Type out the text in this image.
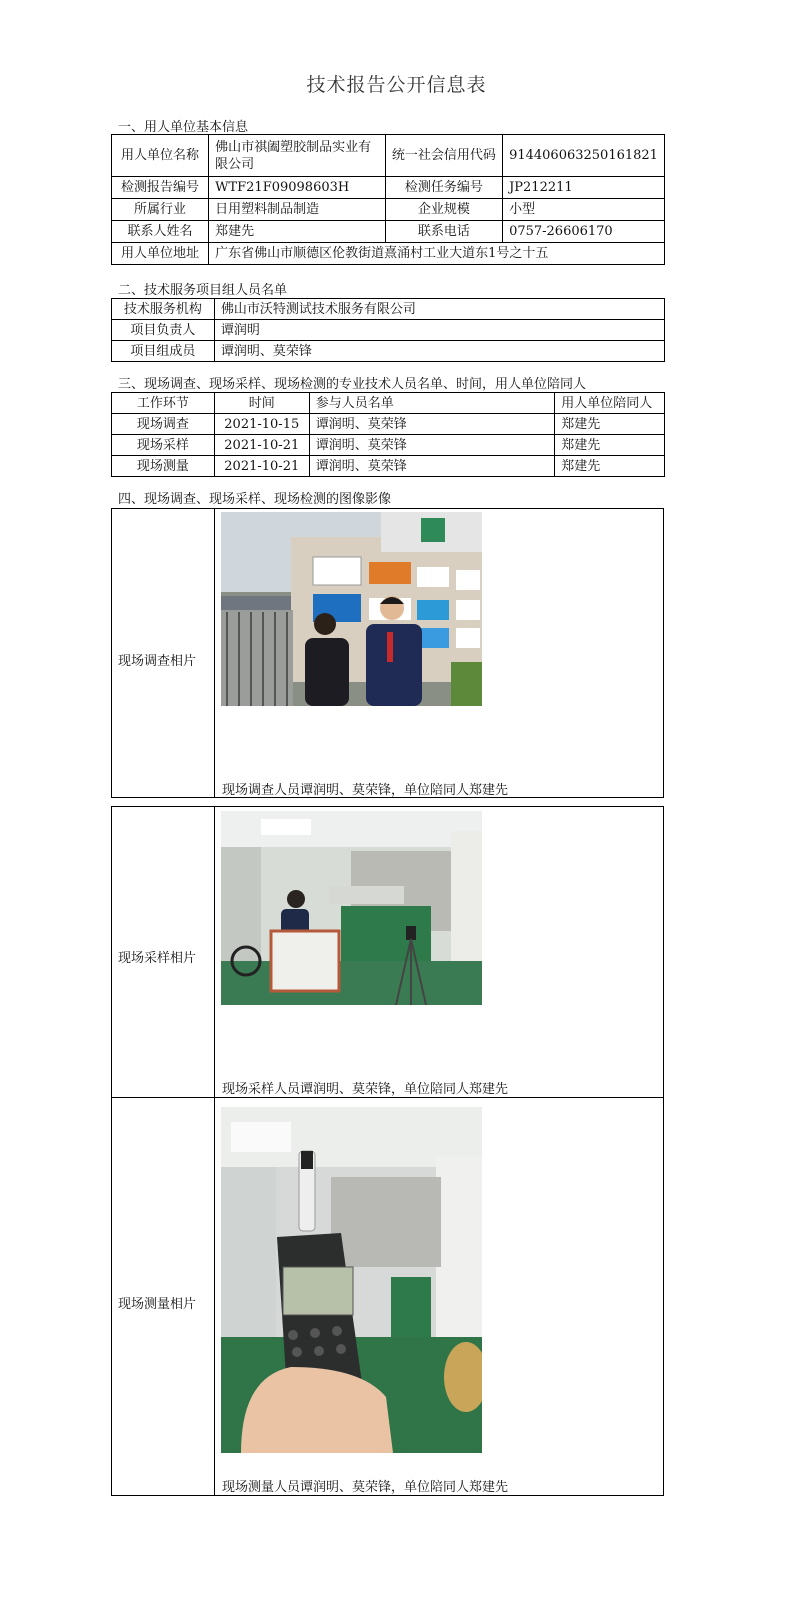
技术报告公开信息表
一、用人单位基本信息
用人单位名称	佛山市祺阖塑胶制品实业有限公司	统一社会信用代码	914406063250161821
检测报告编号	WTF21F09098603H	检测任务编号	JP212211
所属行业	日用塑料制品制造	企业规模	小型
联系人姓名	郑建先	联系电话	0757-26606170
用人单位地址	广东省佛山市顺德区伦教街道熹涌村工业大道东1号之十五		
二、技术服务项目组人员名单
技术服务机构	佛山市沃特测试技术服务有限公司
项目负责人	谭润明
项目组成员	谭润明、莫荣锋
三、现场调查、现场采样、现场检测的专业技术人员名单、时间，用人单位陪同人
工作环节	时间	参与人员名单	用人单位陪同人
现场调查	2021-10-15	谭润明、莫荣锋	郑建先
现场采样	2021-10-21	谭润明、莫荣锋	郑建先
现场测量	2021-10-21	谭润明、莫荣锋	郑建先
四、现场调查、现场采样、现场检测的图像影像
现场调查相片
现场采样相片
现场测量相片
现场调查人员谭润明、莫荣锋，单位陪同人郑建先
现场采样人员谭润明、莫荣锋，单位陪同人郑建先
现场测量人员谭润明、莫荣锋，单位陪同人郑建先
